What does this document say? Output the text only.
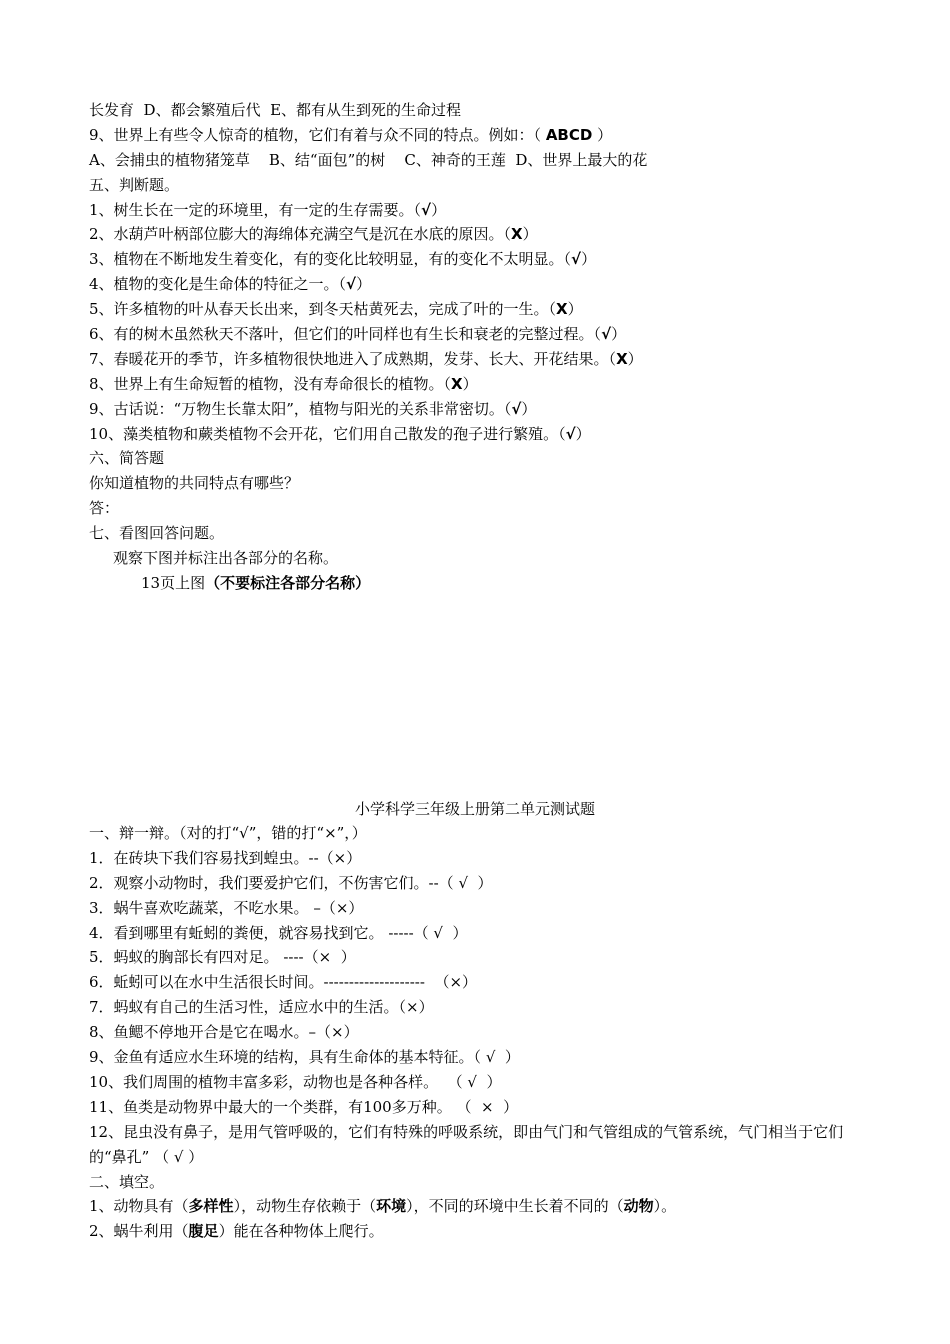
长发育  D、都会繁殖后代  E、都有从生到死的生命过程
9、世界上有些令人惊奇的植物，它们有着与众不同的特点。例如：（ ABCD ）
A、会捕虫的植物猪笼草    B、结“面包”的树    C、神奇的王莲  D、世界上最大的花
五、判断题。
1、树生长在一定的环境里，有一定的生存需要。（√）
2、水葫芦叶柄部位膨大的海绵体充满空气是沉在水底的原因。（X）
3、植物在不断地发生着变化，有的变化比较明显，有的变化不太明显。（√）
4、植物的变化是生命体的特征之一。（√）
5、许多植物的叶从春天长出来，到冬天枯黄死去，完成了叶的一生。（X）
6、有的树木虽然秋天不落叶，但它们的叶同样也有生长和衰老的完整过程。（√）
7、春暖花开的季节，许多植物很快地进入了成熟期，发芽、长大、开花结果。（X）
8、世界上有生命短暂的植物，没有寿命很长的植物。（X）
9、古话说：“万物生长靠太阳”，植物与阳光的关系非常密切。（√）
10、藻类植物和蕨类植物不会开花，它们用自己散发的孢子进行繁殖。（√）
六、简答题
你知道植物的共同特点有哪些？
答：
七、看图回答问题。
观察下图并标注出各部分的名称。
13页上图（不要标注各部分名称）
小学科学三年级上册第二单元测试题
一、辩一辩。（对的打“√”，错的打“×”，）
1．在砖块下我们容易找到蝗虫。--（×）
2．观察小动物时，我们要爱护它们，不伤害它们。--（ √  ）
3．蜗牛喜欢吃蔬菜，不吃水果。 –（×）
4．看到哪里有蚯蚓的粪便，就容易找到它。 -----（ √  ）
5．蚂蚁的胸部长有四对足。 ----（×  ）
6．蚯蚓可以在水中生活很长时间。--------------------  （×）
7．蚂蚁有自己的生活习性，适应水中的生活。（×）
8、鱼鳃不停地开合是它在喝水。–（×）
9、金鱼有适应水生环境的结构，具有生命体的基本特征。（ √  ）
10、我们周围的植物丰富多彩，动物也是各种各样。  （ √  ）
11、鱼类是动物界中最大的一个类群，有100多万种。 （  ×  ）
12、昆虫没有鼻子，是用气管呼吸的，它们有特殊的呼吸系统，即由气门和气管组成的气管系统，气门相当于它们的“鼻孔” （ √ ）
二、填空。
1、动物具有（多样性），动物生存依赖于（环境），不同的环境中生长着不同的（动物）。
2、蜗牛利用（腹足）能在各种物体上爬行。
